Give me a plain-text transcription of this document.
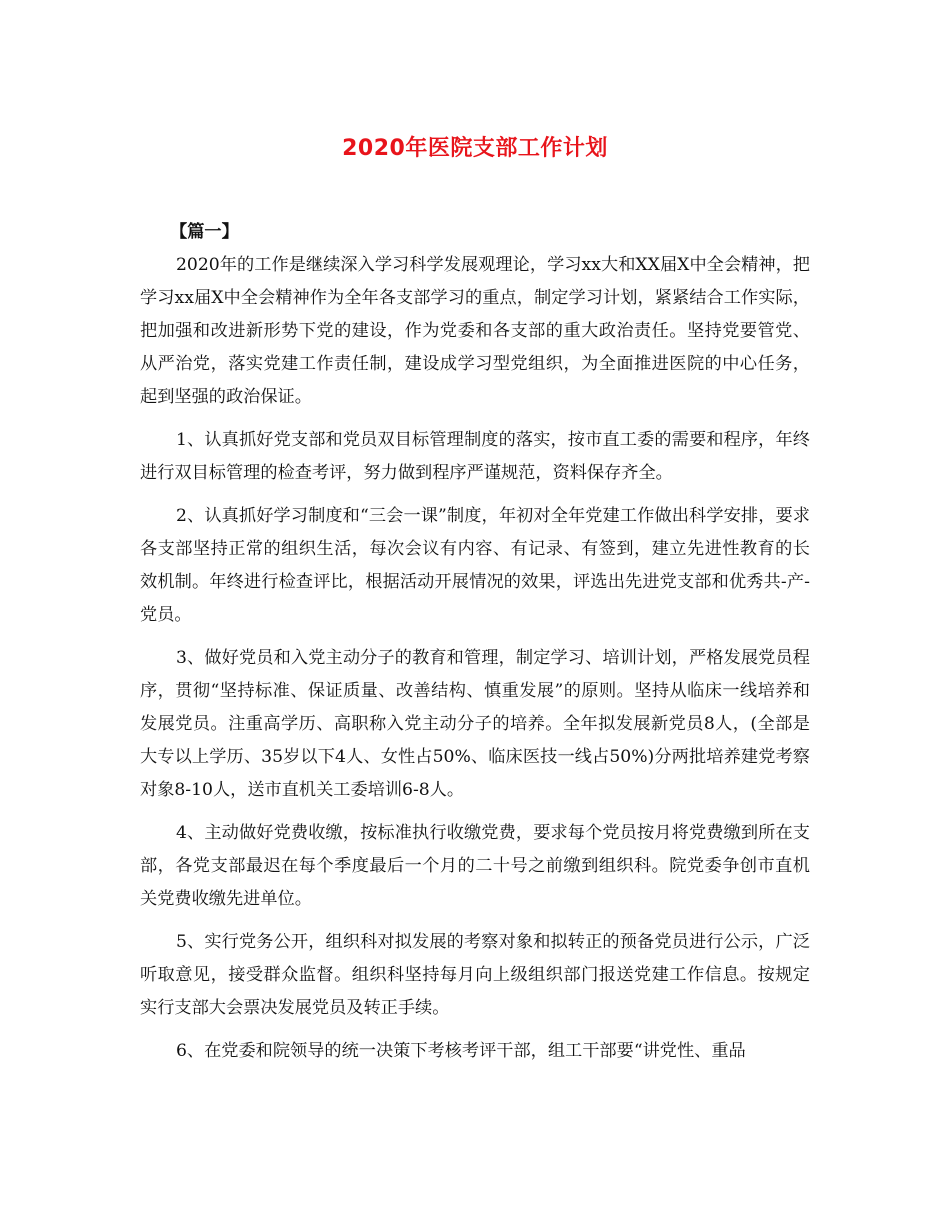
2020年医院支部工作计划
【篇一】

2020年的工作是继续深入学习科学发展观理论，学习xx大和XX届X中全会精神，把学习xx届X中全会精神作为全年各支部学习的重点，制定学习计划，紧紧结合工作实际，把加强和改进新形势下党的建设，作为党委和各支部的重大政治责任。坚持党要管党、从严治党，落实党建工作责任制，建设成学习型党组织，为全面推进医院的中心任务，起到坚强的政治保证。

1、认真抓好党支部和党员双目标管理制度的落实，按市直工委的需要和程序，年终进行双目标管理的检查考评，努力做到程序严谨规范，资料保存齐全。

2、认真抓好学习制度和“三会一课”制度，年初对全年党建工作做出科学安排，要求各支部坚持正常的组织生活，每次会议有内容、有记录、有签到，建立先进性教育的长效机制。年终进行检查评比，根据活动开展情况的效果，评选出先进党支部和优秀共-产-党员。

3、做好党员和入党主动分子的教育和管理，制定学习、培训计划，严格发展党员程序，贯彻“坚持标准、保证质量、改善结构、慎重发展”的原则。坚持从临床一线培养和发展党员。注重高学历、高职称入党主动分子的培养。全年拟发展新党员8人，(全部是大专以上学历、35岁以下4人、女性占50%、临床医技一线占50%)分两批培养建党考察对象8-10人，送市直机关工委培训6-8人。

4、主动做好党费收缴，按标准执行收缴党费，要求每个党员按月将党费缴到所在支部，各党支部最迟在每个季度最后一个月的二十号之前缴到组织科。院党委争创市直机关党费收缴先进单位。

5、实行党务公开，组织科对拟发展的考察对象和拟转正的预备党员进行公示，广泛听取意见，接受群众监督。组织科坚持每月向上级组织部门报送党建工作信息。按规定实行支部大会票决发展党员及转正手续。

6、在党委和院领导的统一决策下考核考评干部，组工干部要“讲党性、重品
